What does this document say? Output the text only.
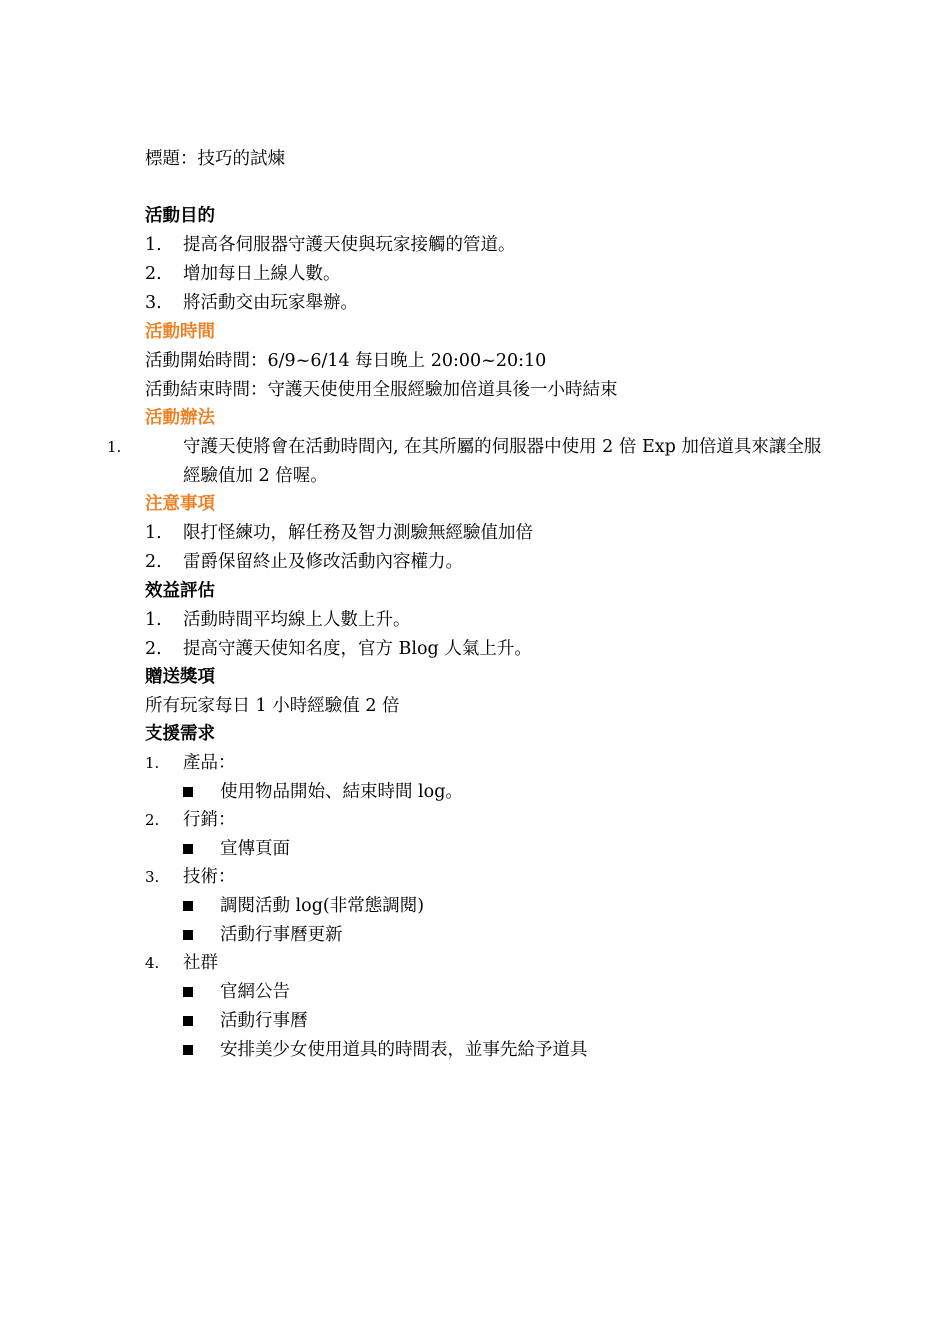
標題：技巧的試煉
活動目的
1. 提高各伺服器守護天使與玩家接觸的管道。
2. 增加每日上線人數。
3. 將活動交由玩家舉辦。
活動時間
活動開始時間：6/9~6/14 每日晚上 20:00~20:10
活動結束時間：守護天使使用全服經驗加倍道具後一小時結束
活動辦法
1.	守護天使將會在活動時間內, 在其所屬的伺服器中使用 2 倍 Exp 加倍道具來讓全服經驗值加 2 倍喔。
注意事項
1. 限打怪練功，解任務及智力測驗無經驗值加倍
2. 雷爵保留終止及修改活動內容權力。
效益評估
1. 活動時間平均線上人數上升。
2. 提高守護天使知名度，官方 Blog 人氣上升。
贈送獎項
所有玩家每日 1 小時經驗值 2 倍
支援需求
1. 產品：
使用物品開始、結束時間 log。
2. 行銷：
宣傳頁面
3. 技術：
調閱活動 log(非常態調閱)
活動行事曆更新
4. 社群
官網公告
活動行事曆
安排美少女使用道具的時間表，並事先給予道具
